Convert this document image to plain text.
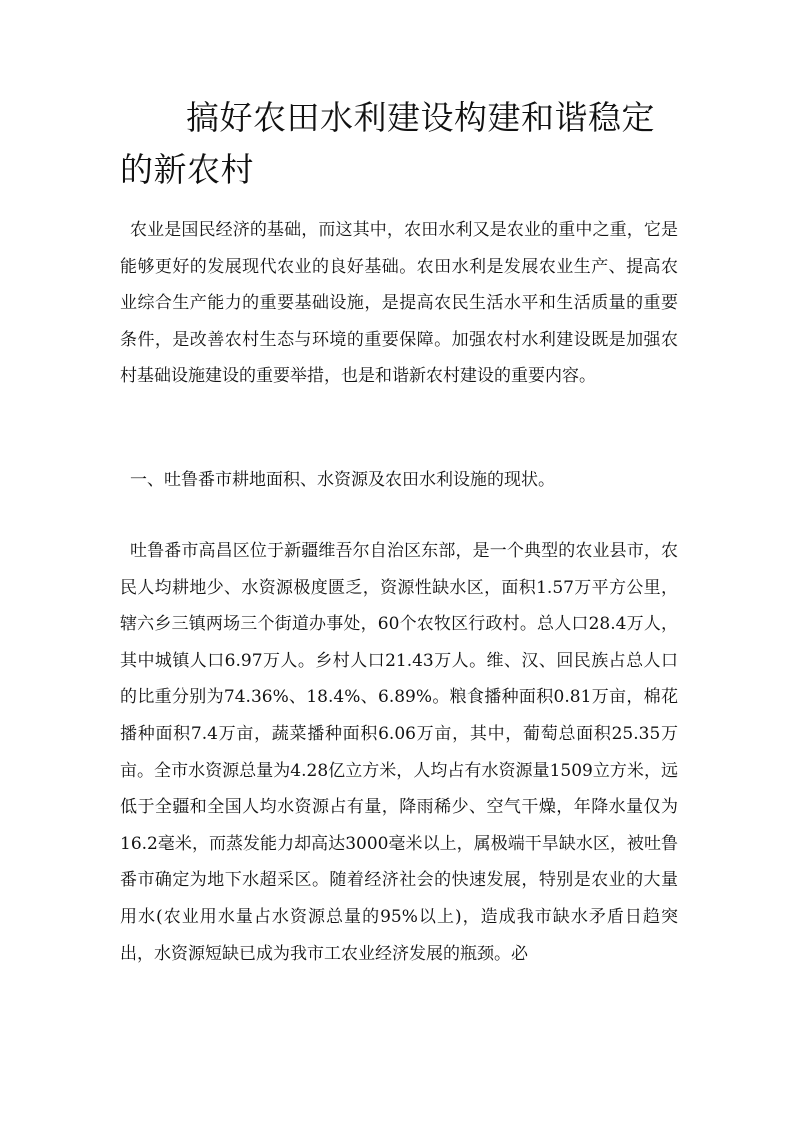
搞好农田水利建设构建和谐稳定的新农村

农业是国民经济的基础，而这其中，农田水利又是农业的重中之重，它是能够更好的发展现代农业的良好基础。农田水利是发展农业生产、提高农业综合生产能力的重要基础设施，是提高农民生活水平和生活质量的重要条件，是改善农村生态与环境的重要保障。加强农村水利建设既是加强农村基础设施建设的重要举措，也是和谐新农村建设的重要内容。

一、吐鲁番市耕地面积、水资源及农田水利设施的现状。

吐鲁番市高昌区位于新疆维吾尔自治区东部，是一个典型的农业县市，农民人均耕地少、水资源极度匮乏，资源性缺水区，面积1.57万平方公里，辖六乡三镇两场三个街道办事处，60个农牧区行政村。总人口28.4万人，其中城镇人口6.97万人。乡村人口21.43万人。维、汉、回民族占总人口的比重分别为74.36%、18.4%、6.89%。粮食播种面积0.81万亩，棉花播种面积7.4万亩，蔬菜播种面积6.06万亩，其中，葡萄总面积25.35万亩。全市水资源总量为4.28亿立方米，人均占有水资源量1509立方米，远低于全疆和全国人均水资源占有量，降雨稀少、空气干燥，年降水量仅为16.2毫米，而蒸发能力却高达3000毫米以上，属极端干旱缺水区，被吐鲁番市确定为地下水超采区。随着经济社会的快速发展，特别是农业的大量用水(农业用水量占水资源总量的95%以上)，造成我市缺水矛盾日趋突出，水资源短缺已成为我市工农业经济发展的瓶颈。必
